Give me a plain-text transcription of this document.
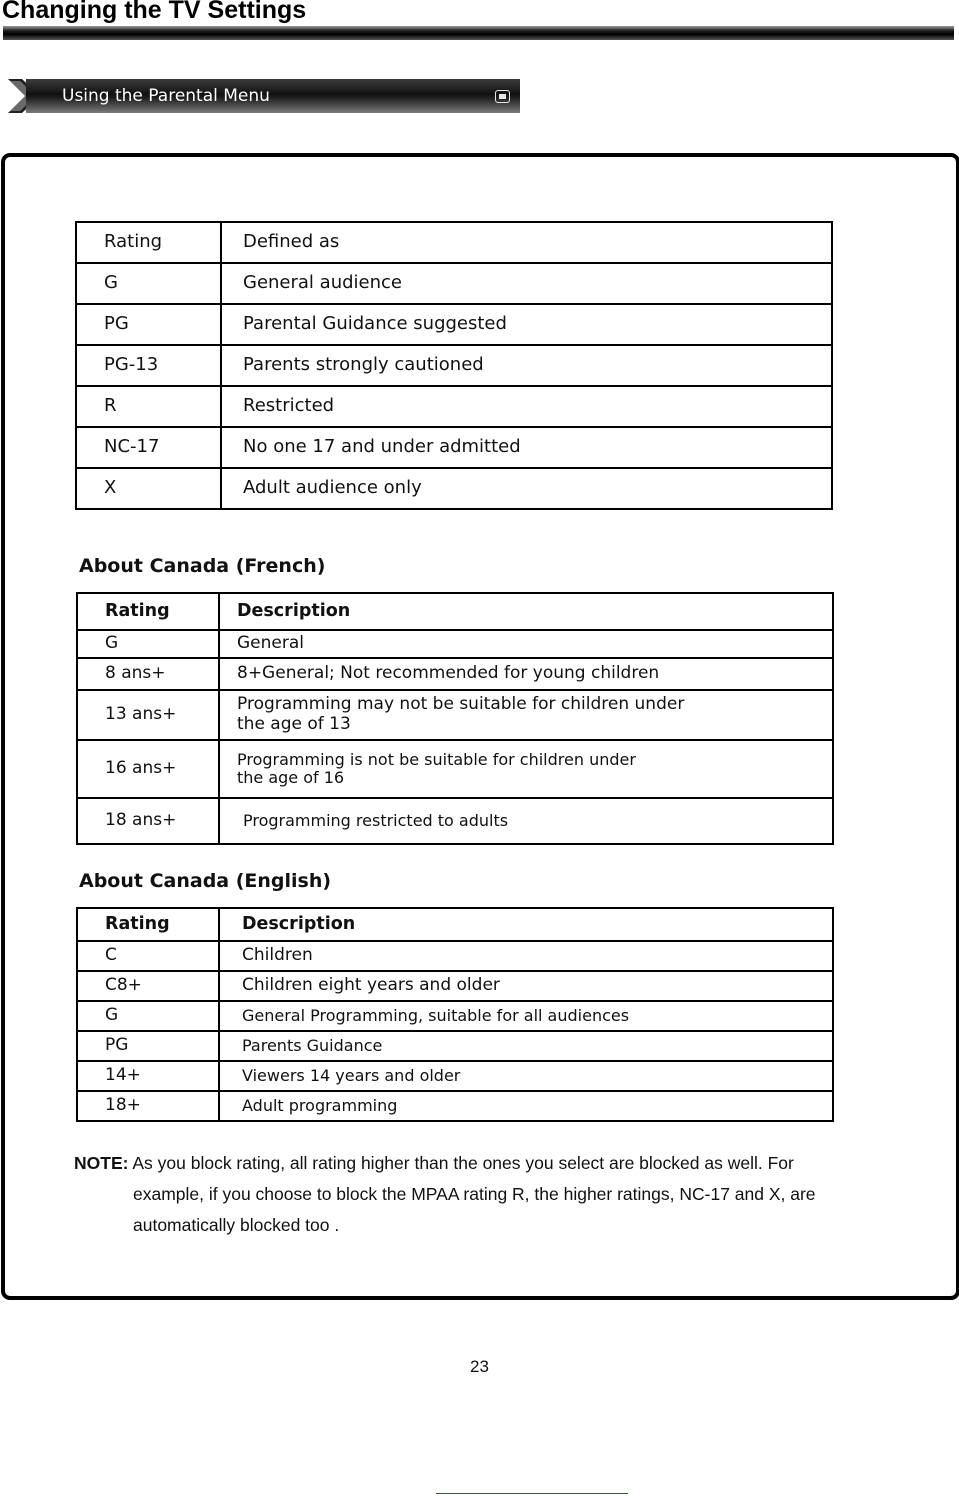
Changing the TV Settings
Using the Parental Menu
Rating	Defined as
G	General audience
PG	Parental Guidance suggested
PG-13	Parents strongly cautioned
R	Restricted
NC-17	No one 17 and under admitted
X	Adult audience only
About Canada (French)
Rating	Description
G	General
8 ans+	8+General; Not recommended for young children
13 ans+	Programming may not be suitable for children under
the age of 13

16 ans+	Programming is not be suitable for children under
the age of 16

18 ans+	Programming restricted to adults
About Canada (English)
Rating	Description
C	Children
C8+	Children eight years and older
G	General Programming, suitable for all audiences
PG	Parents Guidance
14+	Viewers 14 years and older
18+	Adult programming
NOTE: As you block rating, all rating higher than the ones you select are blocked as well. For
example, if you choose to block the MPAA rating R, the higher ratings, NC-17 and X, are
automatically blocked too .
23
